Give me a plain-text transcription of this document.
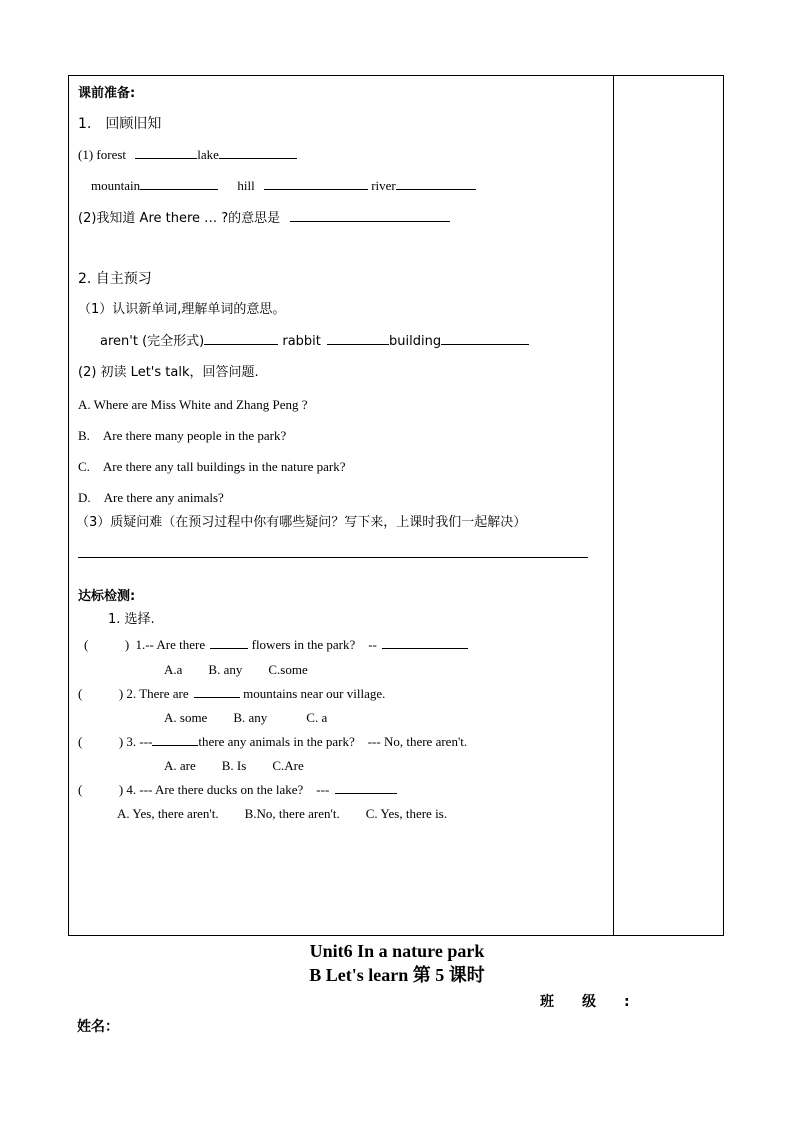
课前准备:
1.　回顾旧知
(1) forest	lake
mountain	hill	river
(2)我知道 Are there … ?的意思是
2. 自主预习
（1）认识新单词,理解单词的意思。
aren't (完全形式)	rabbit	building
(2) 初读 Let's talk，回答问题.
A. Where are Miss White and Zhang Peng ?
B.　Are there many people in the park?
C.　Are there any tall buildings in the nature park?
D.　Are there any animals?
（3）质疑问难（在预习过程中你有哪些疑问？写下来，上课时我们一起解决）
达标检测:
1. 选择.
(	) 1.-- Are there	flowers in the park?　--
A.a　　B. any　　C.some
(	) 2. There are	mountains near our village.
A. some　　B. any　　　C. a
(	) 3. ---	there any animals in the park?　--- No, there aren't.
A. are　　B. Is　　C.Are
(	) 4. --- Are there ducks on the lake?　---
A. Yes, there aren't.　　B.No, there aren't.　　C. Yes, there is.
Unit6 In a nature park
B Let's learn 第 5 课时
班　　级　　:
姓名：
